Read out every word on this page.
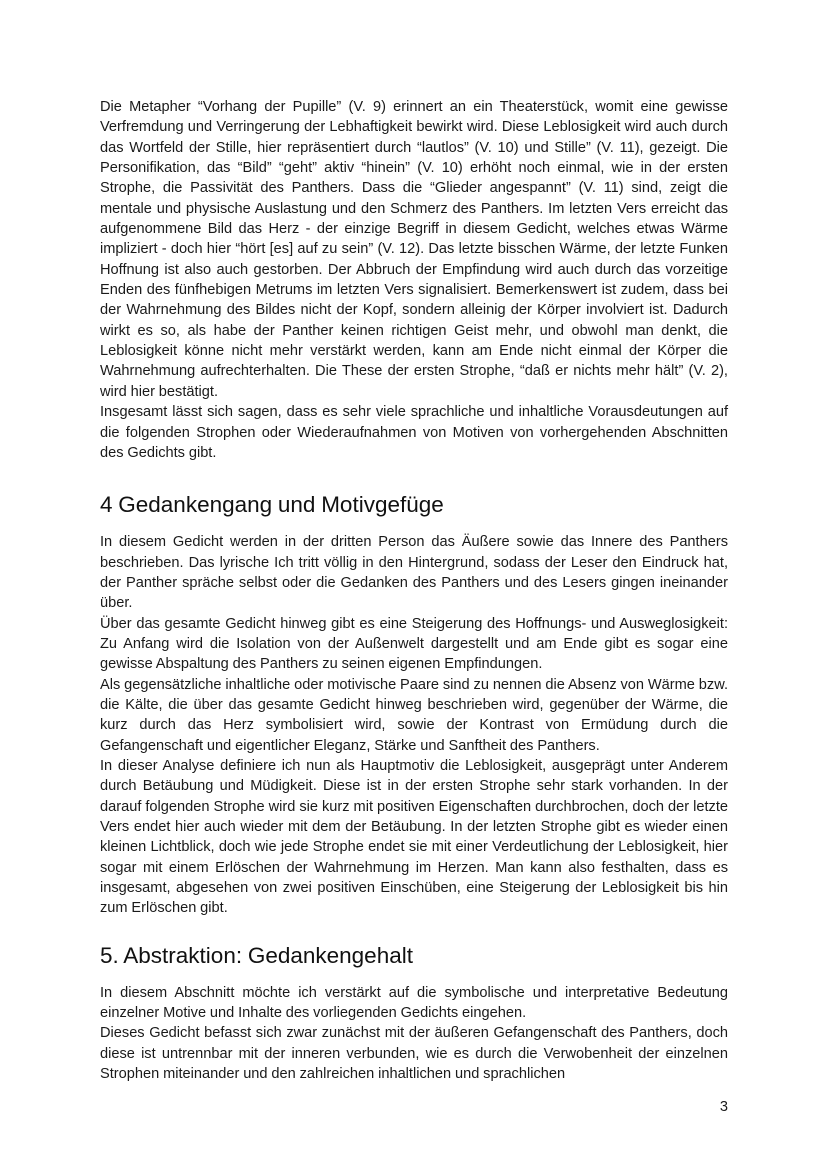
Die Metapher “Vorhang der Pupille” (V. 9) erinnert an ein Theaterstück, womit eine gewisse Verfremdung und Verringerung der Lebhaftigkeit bewirkt wird. Diese Leblosigkeit wird auch durch das Wortfeld der Stille, hier repräsentiert durch “lautlos” (V. 10) und Stille” (V. 11), gezeigt. Die Personifikation, das “Bild” “geht” aktiv “hinein” (V. 10) erhöht noch einmal, wie in der ersten Strophe, die Passivität des Panthers. Dass die “Glieder angespannt” (V. 11) sind, zeigt die mentale und physische Auslastung und den Schmerz des Panthers. Im letzten Vers erreicht das aufgenommene Bild das Herz - der einzige Begriff in diesem Gedicht, welches etwas Wärme impliziert - doch hier “hört [es] auf zu sein” (V. 12). Das letzte bisschen Wärme, der letzte Funken Hoffnung ist also auch gestorben. Der Abbruch der Empfindung wird auch durch das vorzeitige Enden des fünfhebigen Metrums im letzten Vers signalisiert. Bemerkenswert ist zudem, dass bei der Wahrnehmung des Bildes nicht der Kopf, sondern alleinig der Körper involviert ist. Dadurch wirkt es so, als habe der Panther keinen richtigen Geist mehr, und obwohl man denkt, die Leblosigkeit könne nicht mehr verstärkt werden, kann am Ende nicht einmal der Körper die Wahrnehmung aufrechterhalten. Die These der ersten Strophe, “daß er nichts mehr hält” (V. 2), wird hier bestätigt.

Insgesamt lässt sich sagen, dass es sehr viele sprachliche und inhaltliche Vorausdeutungen auf die folgenden Strophen oder Wiederaufnahmen von Motiven von vorhergehenden Abschnitten des Gedichts gibt.

4 Gedankengang und Motivgefüge

In diesem Gedicht werden in der dritten Person das Äußere sowie das Innere des Panthers beschrieben. Das lyrische Ich tritt völlig in den Hintergrund, sodass der Leser den Eindruck hat, der Panther spräche selbst oder die Gedanken des Panthers und des Lesers gingen ineinander über.

Über das gesamte Gedicht hinweg gibt es eine Steigerung des Hoffnungs- und Ausweglosigkeit: Zu Anfang wird die Isolation von der Außenwelt dargestellt und am Ende gibt es sogar eine gewisse Abspaltung des Panthers zu seinen eigenen Empfindungen.

Als gegensätzliche inhaltliche oder motivische Paare sind zu nennen die Absenz von Wärme bzw. die Kälte, die über das gesamte Gedicht hinweg beschrieben wird, gegenüber der Wärme, die kurz durch das Herz symbolisiert wird, sowie der Kontrast von Ermüdung durch die Gefangenschaft und eigentlicher Eleganz, Stärke und Sanftheit des Panthers.

In dieser Analyse definiere ich nun als Hauptmotiv die Leblosigkeit, ausgeprägt unter Anderem durch Betäubung und Müdigkeit. Diese ist in der ersten Strophe sehr stark vorhanden. In der darauf folgenden Strophe wird sie kurz mit positiven Eigenschaften durchbrochen, doch der letzte Vers endet hier auch wieder mit dem der Betäubung. In der letzten Strophe gibt es wieder einen kleinen Lichtblick, doch wie jede Strophe endet sie mit einer Verdeutlichung der Leblosigkeit, hier sogar mit einem Erlöschen der Wahrnehmung im Herzen. Man kann also festhalten, dass es insgesamt, abgesehen von zwei positiven Einschüben, eine Steigerung der Leblosigkeit bis hin zum Erlöschen gibt.

5. Abstraktion: Gedankengehalt

In diesem Abschnitt möchte ich verstärkt auf die symbolische und interpretative Bedeutung einzelner Motive und Inhalte des vorliegenden Gedichts eingehen.

Dieses Gedicht befasst sich zwar zunächst mit der äußeren Gefangenschaft des Panthers, doch diese ist untrennbar mit der inneren verbunden, wie es durch die Verwobenheit der einzelnen Strophen miteinander und den zahlreichen inhaltlichen und sprachlichen

3
